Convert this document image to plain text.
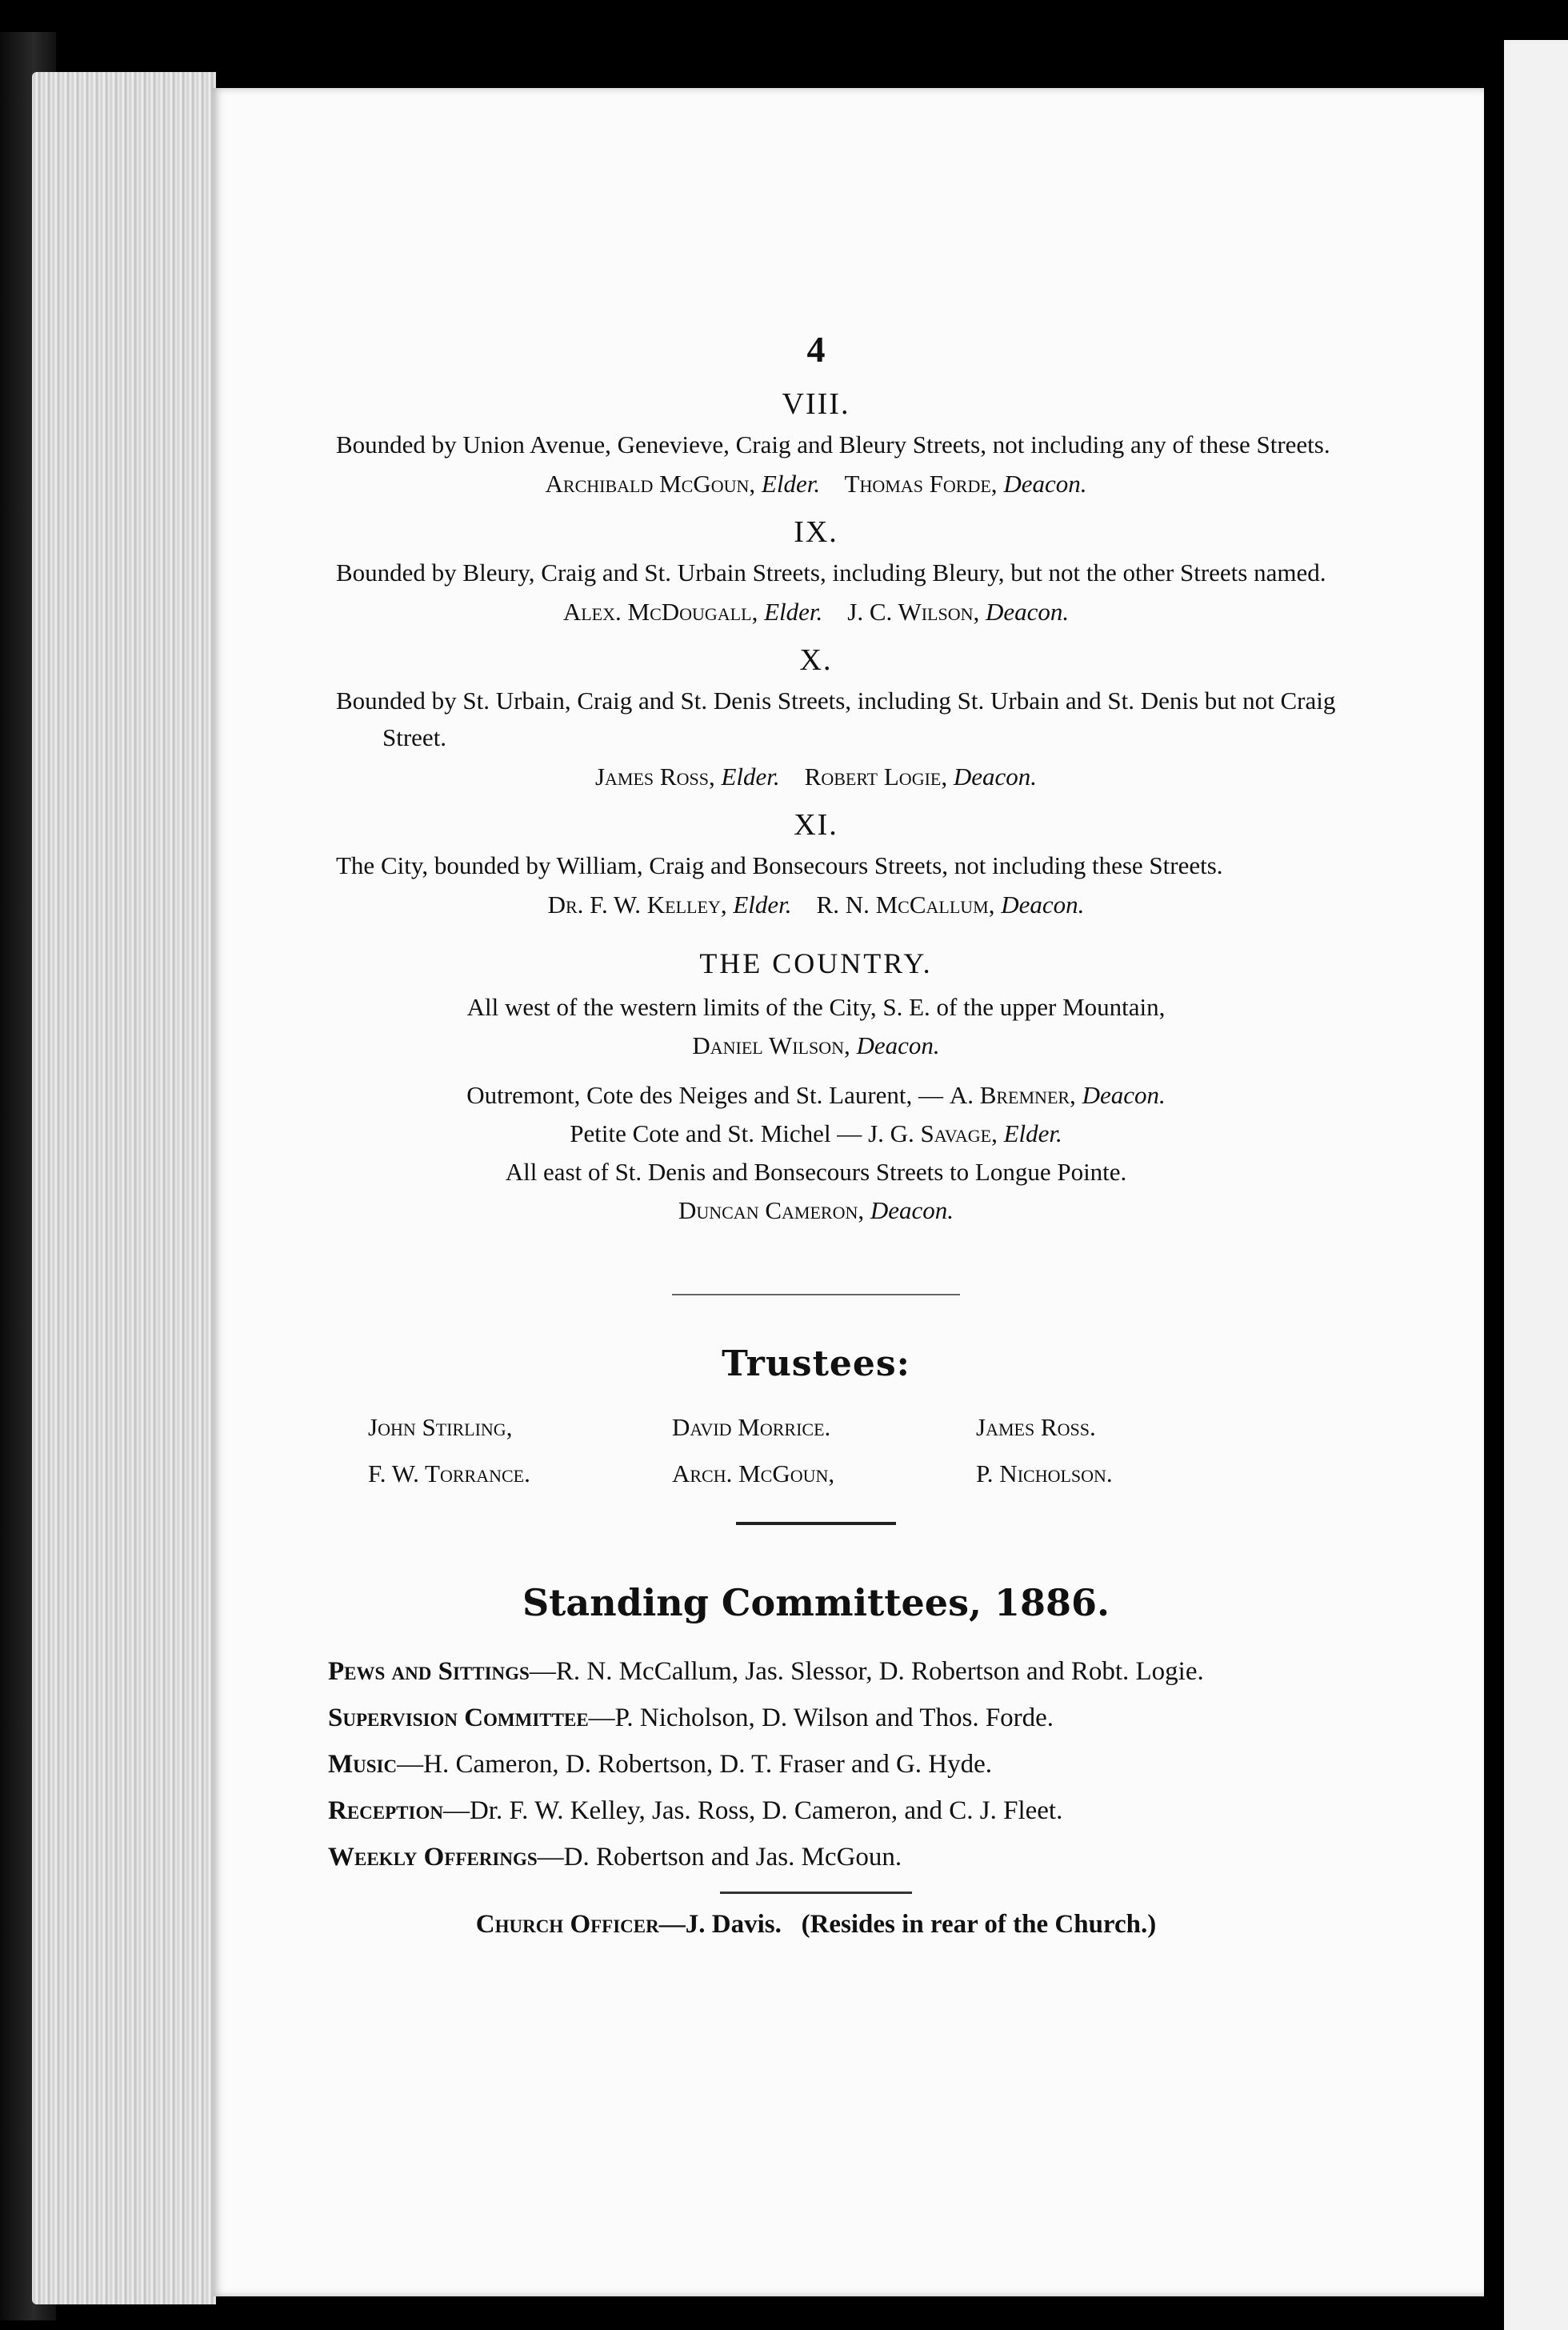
4
VIII.
Bounded by Union Avenue, Genevieve, Craig and Bleury Streets, not including any of these Streets.
Archibald McGoun, Elder. Thomas Forde, Deacon.
IX.
Bounded by Bleury, Craig and St. Urbain Streets, including Bleury, but not the other Streets named.
Alex. McDougall, Elder. J. C. Wilson, Deacon.
X.
Bounded by St. Urbain, Craig and St. Denis Streets, including St. Urbain and St. Denis but not Craig Street.
James Ross, Elder. Robert Logie, Deacon.
XI.
The City, bounded by William, Craig and Bonsecours Streets, not including these Streets.
Dr. F. W. Kelley, Elder. R. N. McCallum, Deacon.
THE COUNTRY.
All west of the western limits of the City, S. E. of the upper Mountain,
Daniel Wilson, Deacon.
Outremont, Cote des Neiges and St. Laurent, — A. Bremner, Deacon.
Petite Cote and St. Michel — J. G. Savage, Elder.
All east of St. Denis and Bonsecours Streets to Longue Pointe.
Duncan Cameron, Deacon.
Trustees:
John Stirling,	David Morrice.	James Ross.
F. W. Torrance.	Arch. McGoun,	P. Nicholson.
Standing Committees, 1886.
Pews and Sittings—R. N. McCallum, Jas. Slessor, D. Robertson and Robt. Logie.
Supervision Committee—P. Nicholson, D. Wilson and Thos. Forde.
Music—H. Cameron, D. Robertson, D. T. Fraser and G. Hyde.
Reception—Dr. F. W. Kelley, Jas. Ross, D. Cameron, and C. J. Fleet.
Weekly Offerings—D. Robertson and Jas. McGoun.
Church Officer—J. Davis. (Resides in rear of the Church.)
